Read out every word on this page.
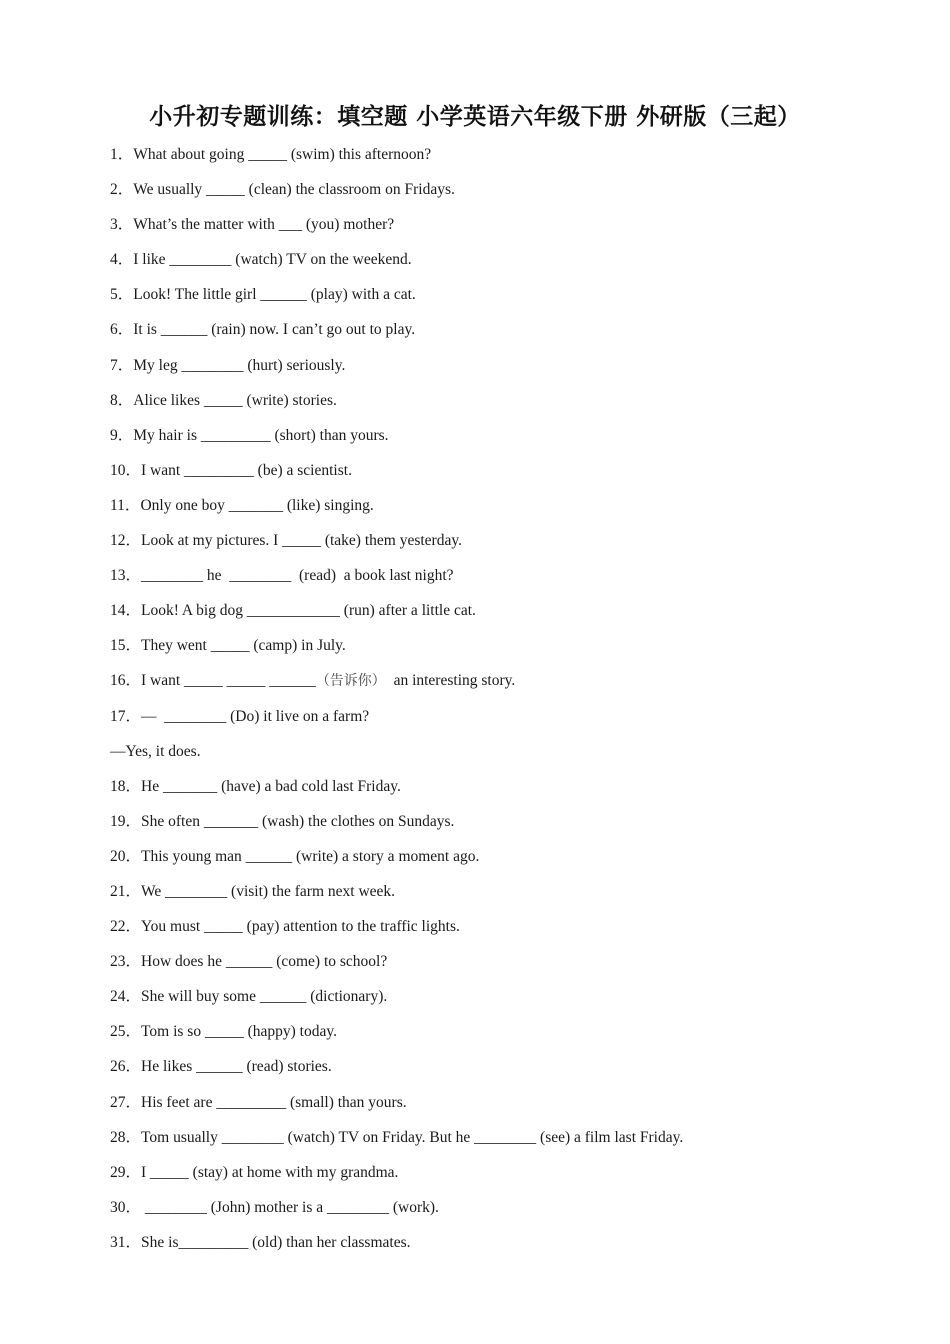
小升初专题训练：填空题 小学英语六年级下册 外研版（三起）
1．What about going _____ (swim) this afternoon?
2．We usually _____ (clean) the classroom on Fridays.
3．What’s the matter with ___ (you) mother?
4．I like ________ (watch) TV on the weekend.
5．Look! The little girl ______ (play) with a cat.
6．It is ______ (rain) now. I can’t go out to play.
7．My leg ________ (hurt) seriously.
8．Alice likes _____ (write) stories.
9．My hair is _________ (short) than yours.
10．I want _________ (be) a scientist.
11．Only one boy _______ (like) singing.
12．Look at my pictures. I _____ (take) them yesterday.
13．________ he  ________  (read)  a book last night?
14．Look! A big dog ____________ (run) after a little cat.
15．They went _____ (camp) in July.
16．I want _____ _____ ______（告诉你）  an interesting story.
17．—  ________ (Do) it live on a farm?
—Yes, it does.
18．He _______ (have) a bad cold last Friday.
19．She often _______ (wash) the clothes on Sundays.
20．This young man ______ (write) a story a moment ago.
21．We ________ (visit) the farm next week.
22．You must _____ (pay) attention to the traffic lights.
23．How does he ______ (come) to school?
24．She will buy some ______ (dictionary).
25．Tom is so _____ (happy) today.
26．He likes ______ (read) stories.
27．His feet are _________ (small) than yours.
28．Tom usually ________ (watch) TV on Friday. But he ________ (see) a film last Friday.
29．I _____ (stay) at home with my grandma.
30． ________ (John) mother is a ________ (work).
31．She is_________ (old) than her classmates.
